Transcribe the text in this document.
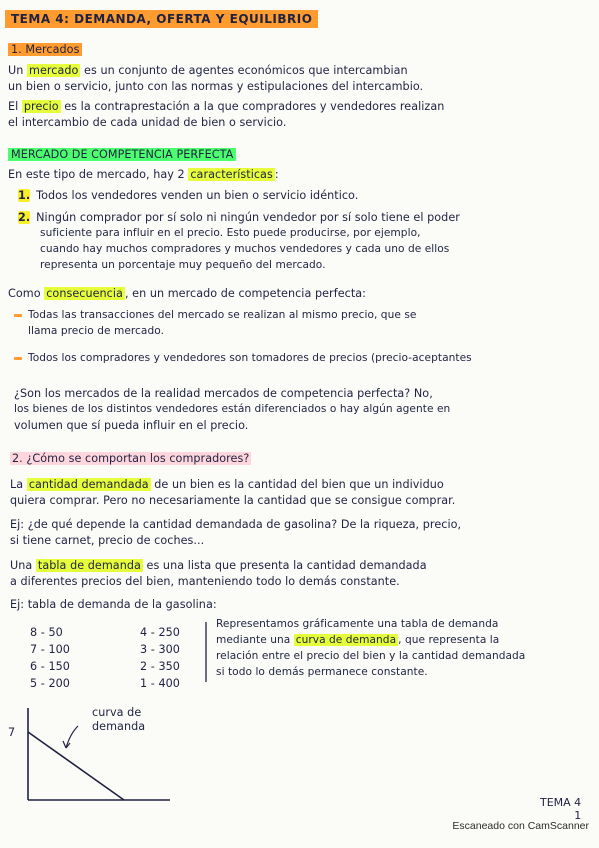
TEMA 4: DEMANDA, OFERTA Y EQUILIBRIO
1. Mercados
Un mercado es un conjunto de agentes económicos que intercambian
un bien o servicio, junto con las normas y estipulaciones del intercambio.
El precio es la contraprestación a la que compradores y vendedores realizan
el intercambio de cada unidad de bien o servicio.
MERCADO DE COMPETENCIA PERFECTA
En este tipo de mercado, hay 2 características :
1. Todos los vendedores venden un bien o servicio idéntico.
2. Ningún comprador por sí solo ni ningún vendedor por sí solo tiene el poder
suficiente para influir en el precio. Esto puede producirse, por ejemplo,
cuando hay muchos compradores y muchos vendedores y cada uno de ellos
representa un porcentaje muy pequeño del mercado.
Como consecuencia , en un mercado de competencia perfecta:
Todas las transacciones del mercado se realizan al mismo precio, que se
llama precio de mercado.
Todos los compradores y vendedores son tomadores de precios (precio-aceptantes
¿Son los mercados de la realidad mercados de competencia perfecta? No,
los bienes de los distintos vendedores están diferenciados o hay algún agente en
volumen que sí pueda influir en el precio.
2. ¿Cómo se comportan los compradores?
La cantidad demandada de un bien es la cantidad del bien que un individuo
quiera comprar. Pero no necesariamente la cantidad que se consigue comprar.
Ej: ¿de qué depende la cantidad demandada de gasolina? De la riqueza, precio,
si tiene carnet, precio de coches...
Una tabla de demanda es una lista que presenta la cantidad demandada
a diferentes precios del bien, manteniendo todo lo demás constante.
Ej: tabla de demanda de la gasolina:
8 - 50
7 - 100
6 - 150
5 - 200
4 - 250
3 - 300
2 - 350
1 - 400
Representamos gráficamente una tabla de demanda
mediante una curva de demanda , que representa la
relación entre el precio del bien y la cantidad demandada
si todo lo demás permanece constante.
7
curva de
demanda
TEMA 4
1
Escaneado con CamScanner
